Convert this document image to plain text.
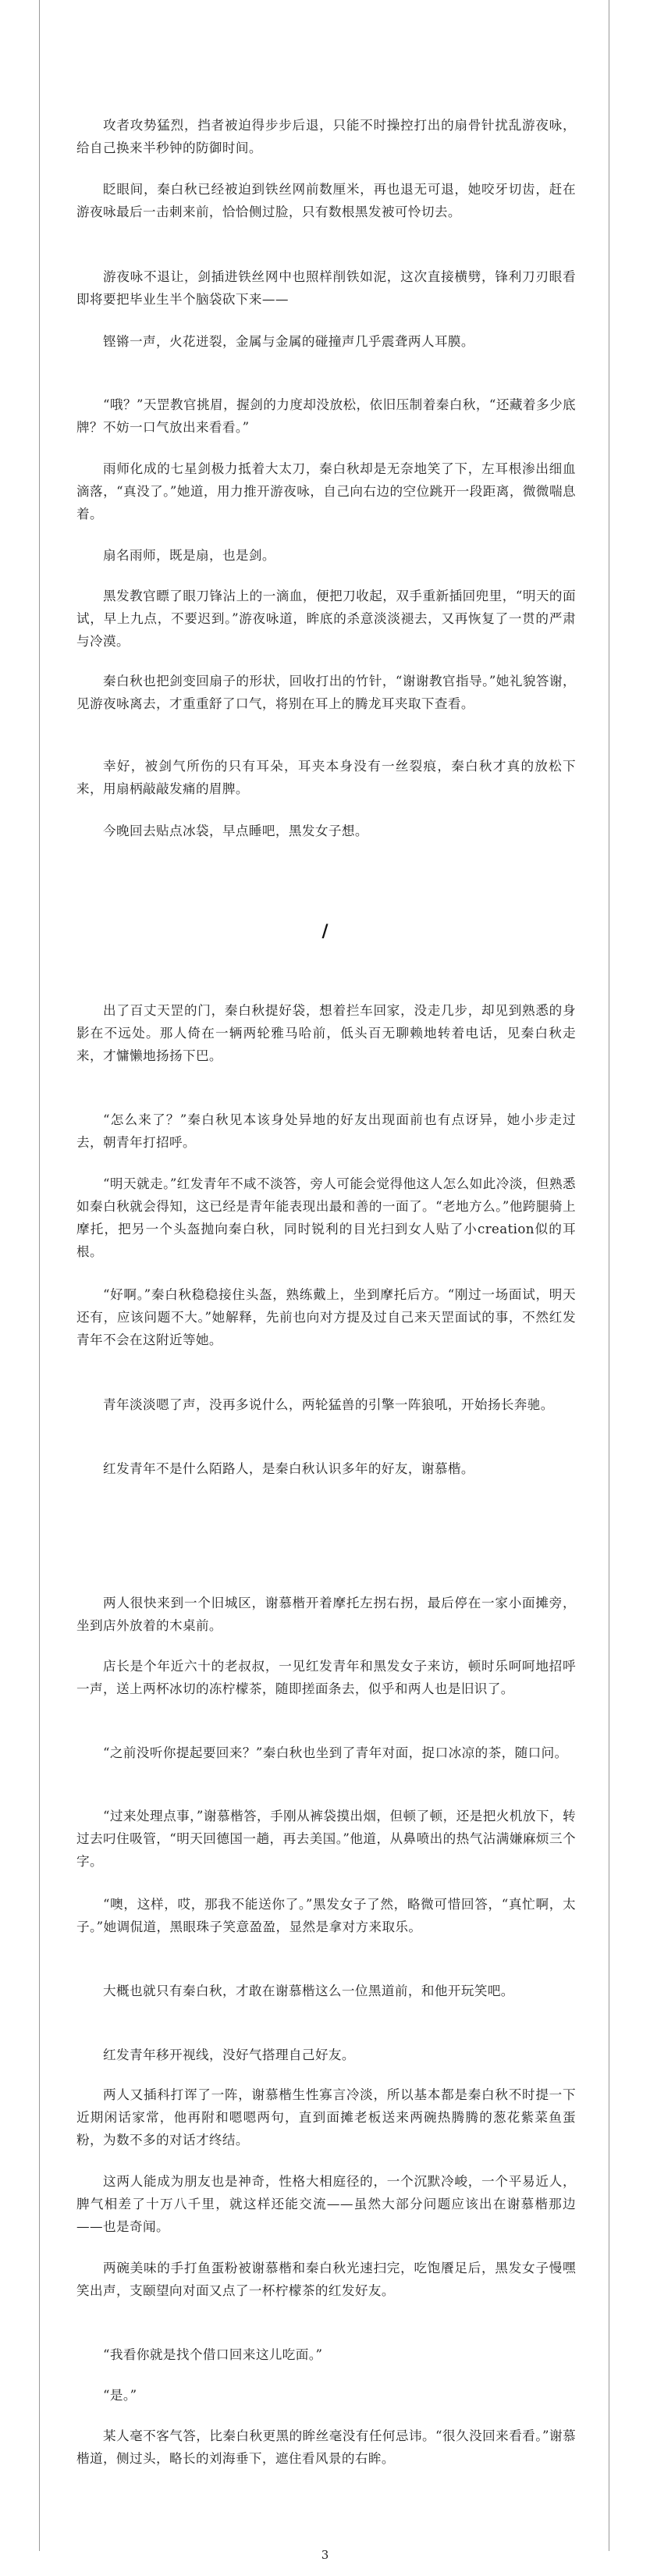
攻者攻势猛烈，挡者被迫得步步后退，只能不时操控打出的扇骨针扰乱游夜咏，给自己换来半秒钟的防御时间。

眨眼间，秦白秋已经被迫到铁丝网前数厘米，再也退无可退，她咬牙切齿，赶在游夜咏最后一击刺来前，恰恰侧过脸，只有数根黑发被可怜切去。

游夜咏不退让，剑插进铁丝网中也照样削铁如泥，这次直接横劈，锋利刀刃眼看即将要把毕业生半个脑袋砍下来——

铿锵一声，火花迸裂，金属与金属的碰撞声几乎震聋两人耳膜。

“哦？”天罡教官挑眉，握剑的力度却没放松，依旧压制着秦白秋，“还藏着多少底牌？不妨一口气放出来看看。”

雨师化成的七星剑极力抵着大太刀，秦白秋却是无奈地笑了下，左耳根渗出细血滴落，“真没了。”她道，用力推开游夜咏，自己向右边的空位跳开一段距离，微微喘息着。

扇名雨师，既是扇，也是剑。

黑发教官瞟了眼刀锋沾上的一滴血，便把刀收起，双手重新插回兜里，“明天的面试，早上九点，不要迟到。”游夜咏道，眸底的杀意淡淡褪去，又再恢复了一贯的严肃与冷漠。

秦白秋也把剑变回扇子的形状，回收打出的竹针，“谢谢教官指导。”她礼貌答谢，见游夜咏离去，才重重舒了口气，将别在耳上的腾龙耳夹取下查看。

幸好，被剑气所伤的只有耳朵，耳夹本身没有一丝裂痕，秦白秋才真的放松下来，用扇柄敲敲发痛的眉脾。

今晚回去贴点冰袋，早点睡吧，黑发女子想。

/

出了百丈天罡的门，秦白秋提好袋，想着拦车回家，没走几步，却见到熟悉的身影在不远处。那人倚在一辆两轮雅马哈前，低头百无聊赖地转着电话，见秦白秋走来，才慵懒地扬扬下巴。

“怎么来了？”秦白秋见本该身处异地的好友出现面前也有点讶异，她小步走过去，朝青年打招呼。

“明天就走。”红发青年不咸不淡答，旁人可能会觉得他这人怎么如此冷淡，但熟悉如秦白秋就会得知，这已经是青年能表现出最和善的一面了。“老地方么。”他跨腿骑上摩托，把另一个头盔抛向秦白秋，同时锐利的目光扫到女人贴了小creation似的耳根。

“好啊。”秦白秋稳稳接住头盔，熟练戴上，坐到摩托后方。“刚过一场面试，明天还有，应该问题不大。”她解释，先前也向对方提及过自己来天罡面试的事，不然红发青年不会在这附近等她。

青年淡淡嗯了声，没再多说什么，两轮猛兽的引擎一阵狼吼，开始扬长奔驰。

红发青年不是什么陌路人，是秦白秋认识多年的好友，谢慕楷。

两人很快来到一个旧城区，谢慕楷开着摩托左拐右拐，最后停在一家小面摊旁，坐到店外放着的木桌前。

店长是个年近六十的老叔叔，一见红发青年和黑发女子来访，顿时乐呵呵地招呼一声，送上两杯冰切的冻柠檬茶，随即搓面条去，似乎和两人也是旧识了。

“之前没听你提起要回来？”秦白秋也坐到了青年对面，捉口冰凉的茶，随口问。

“过来处理点事，”谢慕楷答，手刚从裤袋摸出烟，但顿了顿，还是把火机放下，转过去叼住吸管，“明天回德国一趟，再去美国。”他道，从鼻喷出的热气沾满嫌麻烦三个字。

“噢，这样，哎，那我不能送你了。”黑发女子了然，略微可惜回答，“真忙啊，太子。”她调侃道，黑眼珠子笑意盈盈，显然是拿对方来取乐。

大概也就只有秦白秋，才敢在谢慕楷这么一位黑道前，和他开玩笑吧。

红发青年移开视线，没好气搭理自己好友。

两人又插科打诨了一阵，谢慕楷生性寡言冷淡，所以基本都是秦白秋不时提一下近期闲话家常，他再附和嗯嗯两句，直到面摊老板送来两碗热腾腾的葱花紫菜鱼蛋粉，为数不多的对话才终结。

这两人能成为朋友也是神奇，性格大相庭径的，一个沉默冷峻，一个平易近人，脾气相差了十万八千里，就这样还能交流——虽然大部分问题应该出在谢慕楷那边——也是奇闻。

两碗美味的手打鱼蛋粉被谢慕楷和秦白秋光速扫完，吃饱餍足后，黑发女子慢嘿笑出声，支颐望向对面又点了一杯柠檬茶的红发好友。

“我看你就是找个借口回来这儿吃面。”

“是。”

某人毫不客气答，比秦白秋更黑的眸丝毫没有任何忌讳。“很久没回来看看。”谢慕楷道，侧过头，略长的刘海垂下，遮住看风景的右眸。

3
